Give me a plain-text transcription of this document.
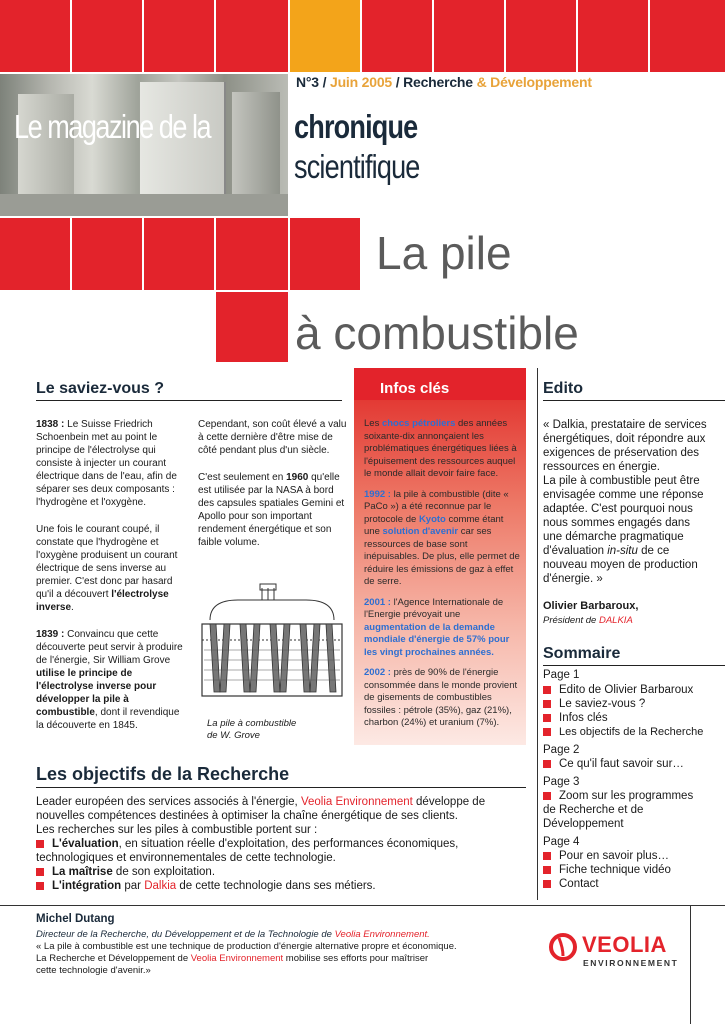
N°3 / Juin 2005 / Recherche & Développement
Le magazine de la	chronique
scientifique
La pile
à combustible
Le saviez-vous ?

1838 : Le Suisse Friedrich Schoenbein met au point le principe de l'électrolyse qui consiste à injecter un courant électrique dans de l'eau, afin de séparer ses deux composants : l'hydrogène et l'oxygène.

Une fois le courant coupé, il constate que l'hydrogène et l'oxygène produisent un courant électrique de sens inverse au premier. C'est donc par hasard qu'il a découvert l'électrolyse inverse.

1839 : Convaincu que cette découverte peut servir à produire de l'énergie, Sir William Grove utilise le principe de l'électrolyse inverse pour développer la pile à combustible, dont il revendique la découverte en 1845.

Cependant, son coût élevé a valu à cette dernière d'être mise de côté pendant plus d'un siècle.

C'est seulement en 1960 qu'elle est utilisée par la NASA à bord des capsules spatiales Gemini et Apollo pour son important rendement énergétique et son faible volume.

La pile à combustible
de W. Grove
Infos clés

Les chocs pétroliers des années soixante-dix annonçaient les problématiques énergétiques liées à l'épuisement des ressources auquel le monde allait devoir faire face.

1992 : la pile à combustible (dite « PaCo ») a été reconnue par le protocole de Kyoto comme étant une solution d'avenir car ses ressources de base sont inépuisables. De plus, elle permet de réduire les émissions de gaz à effet de serre.

2001 : l'Agence Internationale de l'Energie prévoyait une augmentation de la demande mondiale d'énergie de 57% pour les vingt prochaines années.

2002 : près de 90% de l'énergie consommée dans le monde provient de gisements de combustibles fossiles : pétrole (35%), gaz (21%), charbon (24%) et uranium (7%).

Edito
« Dalkia, prestataire de services énergétiques, doit répondre aux exigences de préservation des ressources en énergie.
La pile à combustible peut être envisagée comme une réponse adaptée. C'est pourquoi nous nous sommes engagés dans une démarche pragmatique d'évaluation in-situ de ce nouveau moyen de production d'énergie. »
Olivier Barbaroux,
Président de DALKIA
Sommaire
Page 1
Edito de Olivier Barbaroux
Le saviez-vous ?
Infos clés
Les objectifs de la Recherche
Page 2
Ce qu'il faut savoir sur…
Page 3
Zoom sur les programmes
de Recherche et de
Développement
Page 4
Pour en savoir plus…
Fiche technique vidéo
Contact
Les objectifs de la Recherche

Leader européen des services associés à l'énergie, Veolia Environnement développe de nouvelles compétences destinées à optimiser la chaîne énergétique de ses clients.

Les recherches sur les piles à combustible portent sur :

L'évaluation, en situation réelle d'exploitation, des performances économiques, technologiques et environnementales de cette technologie.

La maîtrise de son exploitation.

L'intégration par Dalkia de cette technologie dans ses métiers.

Michel Dutang
Directeur de la Recherche, du Développement et de la Technologie de Veolia Environnement.
« La pile à combustible est une technique de production d'énergie alternative propre et économique.
La Recherche et Développement de Veolia Environnement mobilise ses efforts pour maîtriser
cette technologie d'avenir.»
VEOLIA
ENVIRONNEMENT
